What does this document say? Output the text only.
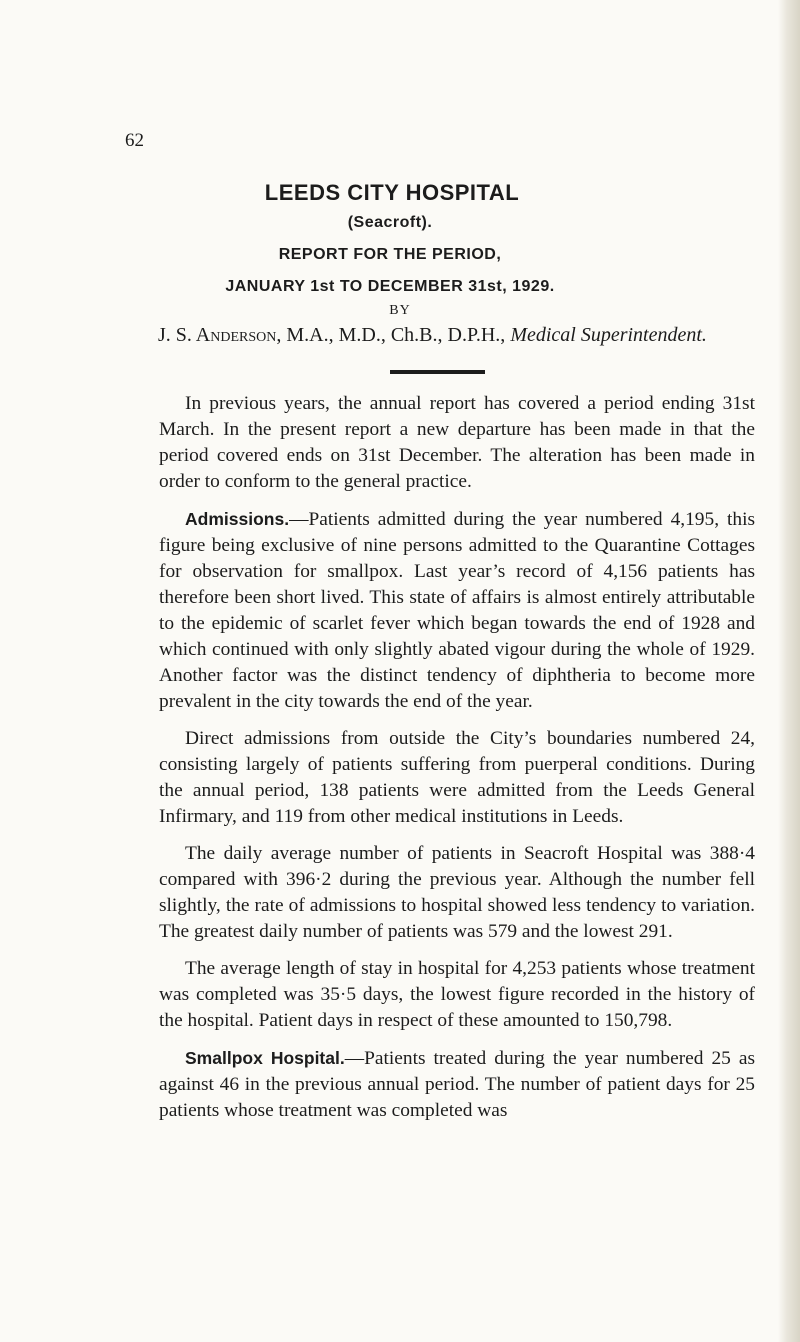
62
LEEDS CITY HOSPITAL
(Seacroft).
REPORT FOR THE PERIOD,
JANUARY 1st TO DECEMBER 31st, 1929.
BY
J. S. Anderson, M.A., M.D., Ch.B., D.P.H., Medical Superintendent.

In previous years, the annual report has covered a period ending 31st March. In the present report a new departure has been made in that the period covered ends on 31st December. The alteration has been made in order to conform to the general practice.

Admissions.—Patients admitted during the year numbered 4,195, this figure being exclusive of nine persons admitted to the Quarantine Cottages for observation for smallpox. Last year’s record of 4,156 patients has therefore been short lived. This state of affairs is almost entirely attributable to the epidemic of scarlet fever which began towards the end of 1928 and which continued with only slightly abated vigour during the whole of 1929. Another factor was the distinct tendency of diphtheria to become more prevalent in the city towards the end of the year.

Direct admissions from outside the City’s boundaries numbered 24, consisting largely of patients suffering from puerperal conditions. During the annual period, 138 patients were admitted from the Leeds General Infirmary, and 119 from other medical institutions in Leeds.

The daily average number of patients in Seacroft Hospital was 388·4 compared with 396·2 during the previous year. Although the number fell slightly, the rate of admissions to hospital showed less tendency to variation. The greatest daily number of patients was 579 and the lowest 291.

The average length of stay in hospital for 4,253 patients whose treatment was completed was 35·5 days, the lowest figure recorded in the history of the hospital. Patient days in respect of these amounted to 150,798.

Smallpox Hospital.—Patients treated during the year numbered 25 as against 46 in the previous annual period. The number of patient days for 25 patients whose treatment was completed was
